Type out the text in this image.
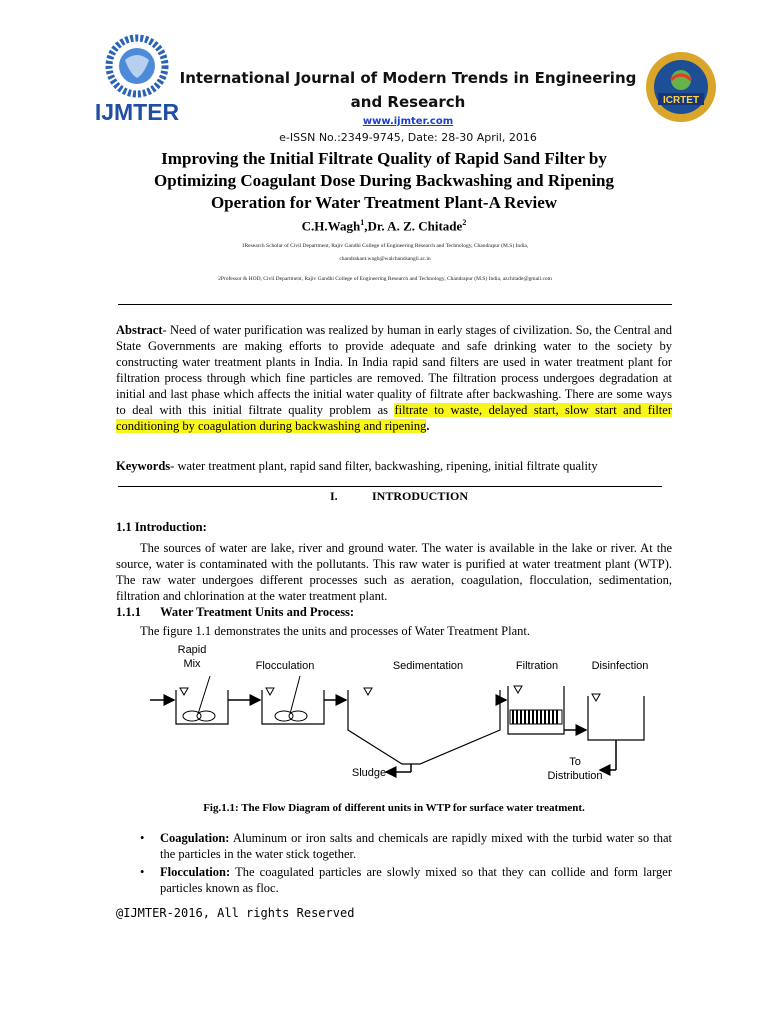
IJMTER
International Journal of Modern Trends in Engineering
and Research
www.ijmter.com
e-ISSN No.:2349-9745, Date: 28-30 April, 2016
ICRTET
Improving the Initial Filtrate Quality of Rapid Sand Filter by
Optimizing Coagulant Dose During Backwashing and Ripening
Operation for Water Treatment Plant-A Review
C.H.Wagh$^1$,Dr. A. Z. Chitade$^2$
1Research Scholar of Civil Department, Rajiv Gandhi College of Engineering Research and Technology, Chandrapur (M.S) India,
chandrakant.wagh@walchandsangli.ac.in
2Professor & HOD, Civil Department, Rajiv Gandhi College of Engineering Research and Technology, Chandrapur (M.S) India, azchitade@gmail.com
Abstract- Need of water purification was realized by human in early stages of civilization. So, the Central and State Governments are making efforts to provide adequate and safe drinking water to the society by constructing water treatment plants in India. In India rapid sand filters are used in water treatment plant for filtration process through which fine particles are removed. The filtration process undergoes degradation at initial and last phase which affects the initial water quality of filtrate after backwashing. There are some ways to deal with this initial filtrate quality problem as filtrate to waste, delayed start, slow start and filter conditioning by coagulation during backwashing and ripening.
Keywords- water treatment plant, rapid sand filter, backwashing, ripening, initial filtrate quality
I.	INTRODUCTION
1.1 Introduction:
The sources of water are lake, river and ground water. The water is available in the lake or river. At the source, water is contaminated with the pollutants. This raw water is purified at water treatment plant (WTP). The raw water undergoes different processes such as aeration, coagulation, flocculation, sedimentation, filtration and chlorination at the water treatment plant.
1.1.1 Water Treatment Units and Process:
The figure 1.1 demonstrates the units and processes of Water Treatment Plant.
Rapid
Mix	Flocculation	Sedimentation	Filtration	Disinfection
Sludge
To
Distribution
Fig.1.1: The Flow Diagram of different units in WTP for surface water treatment.
• Coagulation: Aluminum or iron salts and chemicals are rapidly mixed with the turbid water so that the particles in the water stick together.
• Flocculation: The coagulated particles are slowly mixed so that they can collide and form larger particles known as floc.
@IJMTER-2016, All rights Reserved
